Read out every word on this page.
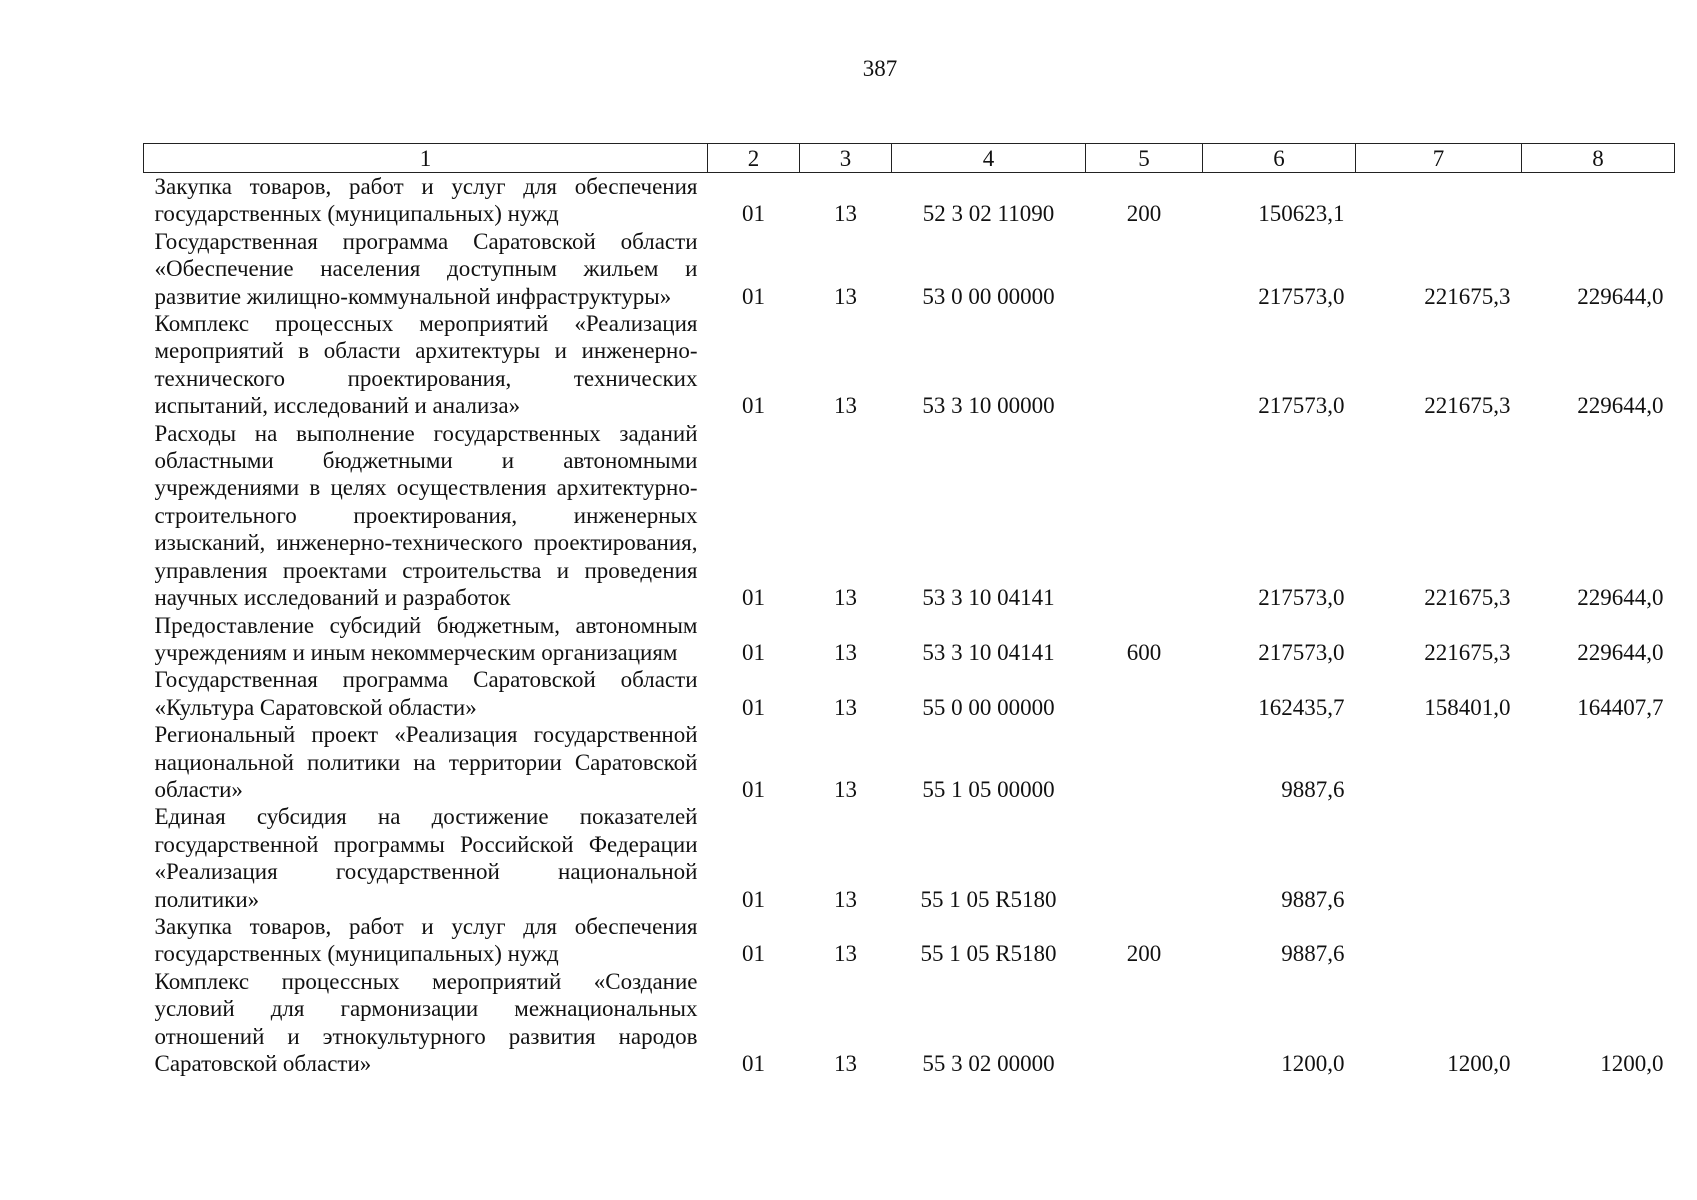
387
1	2	3	4	5	6	7	8

Закупка товаров, работ и услуг для обеспечения государственных (муниципальных) нужд	01	13	52 3 02 11090	200	150623,1		

Государственная программа Саратовской области «Обеспечение населения доступным жильем и развитие жилищно-коммунальной инфраструктуры»	01	13	53 0 00 00000		217573,0	221675,3	229644,0

Комплекс процессных мероприятий «Реализация мероприятий в области архитектуры и инженерно-технического проектирования, технических испытаний, исследований и анализа»	01	13	53 3 10 00000		217573,0	221675,3	229644,0

Расходы на выполнение государственных заданий областными бюджетными и автономными учреждениями в целях осуществления архитектурно-строительного проектирования, инженерных изысканий, инженерно-технического проектирования, управления проектами строительства и проведения научных исследований и разработок	01	13	53 3 10 04141		217573,0	221675,3	229644,0

Предоставление субсидий бюджетным, автономным учреждениям и иным некоммерческим организациям	01	13	53 3 10 04141	600	217573,0	221675,3	229644,0

Государственная программа Саратовской области «Культура Саратовской области»	01	13	55 0 00 00000		162435,7	158401,0	164407,7

Региональный проект «Реализация государственной национальной политики на территории Саратовской области»	01	13	55 1 05 00000		9887,6		

Единая субсидия на достижение показателей государственной программы Российской Федерации «Реализация государственной национальной политики»	01	13	55 1 05 R5180		9887,6		

Закупка товаров, работ и услуг для обеспечения государственных (муниципальных) нужд	01	13	55 1 05 R5180	200	9887,6		

Комплекс процессных мероприятий «Создание условий для гармонизации межнациональных отношений и этнокультурного развития народов Саратовской области»	01	13	55 3 02 00000		1200,0	1200,0	1200,0
